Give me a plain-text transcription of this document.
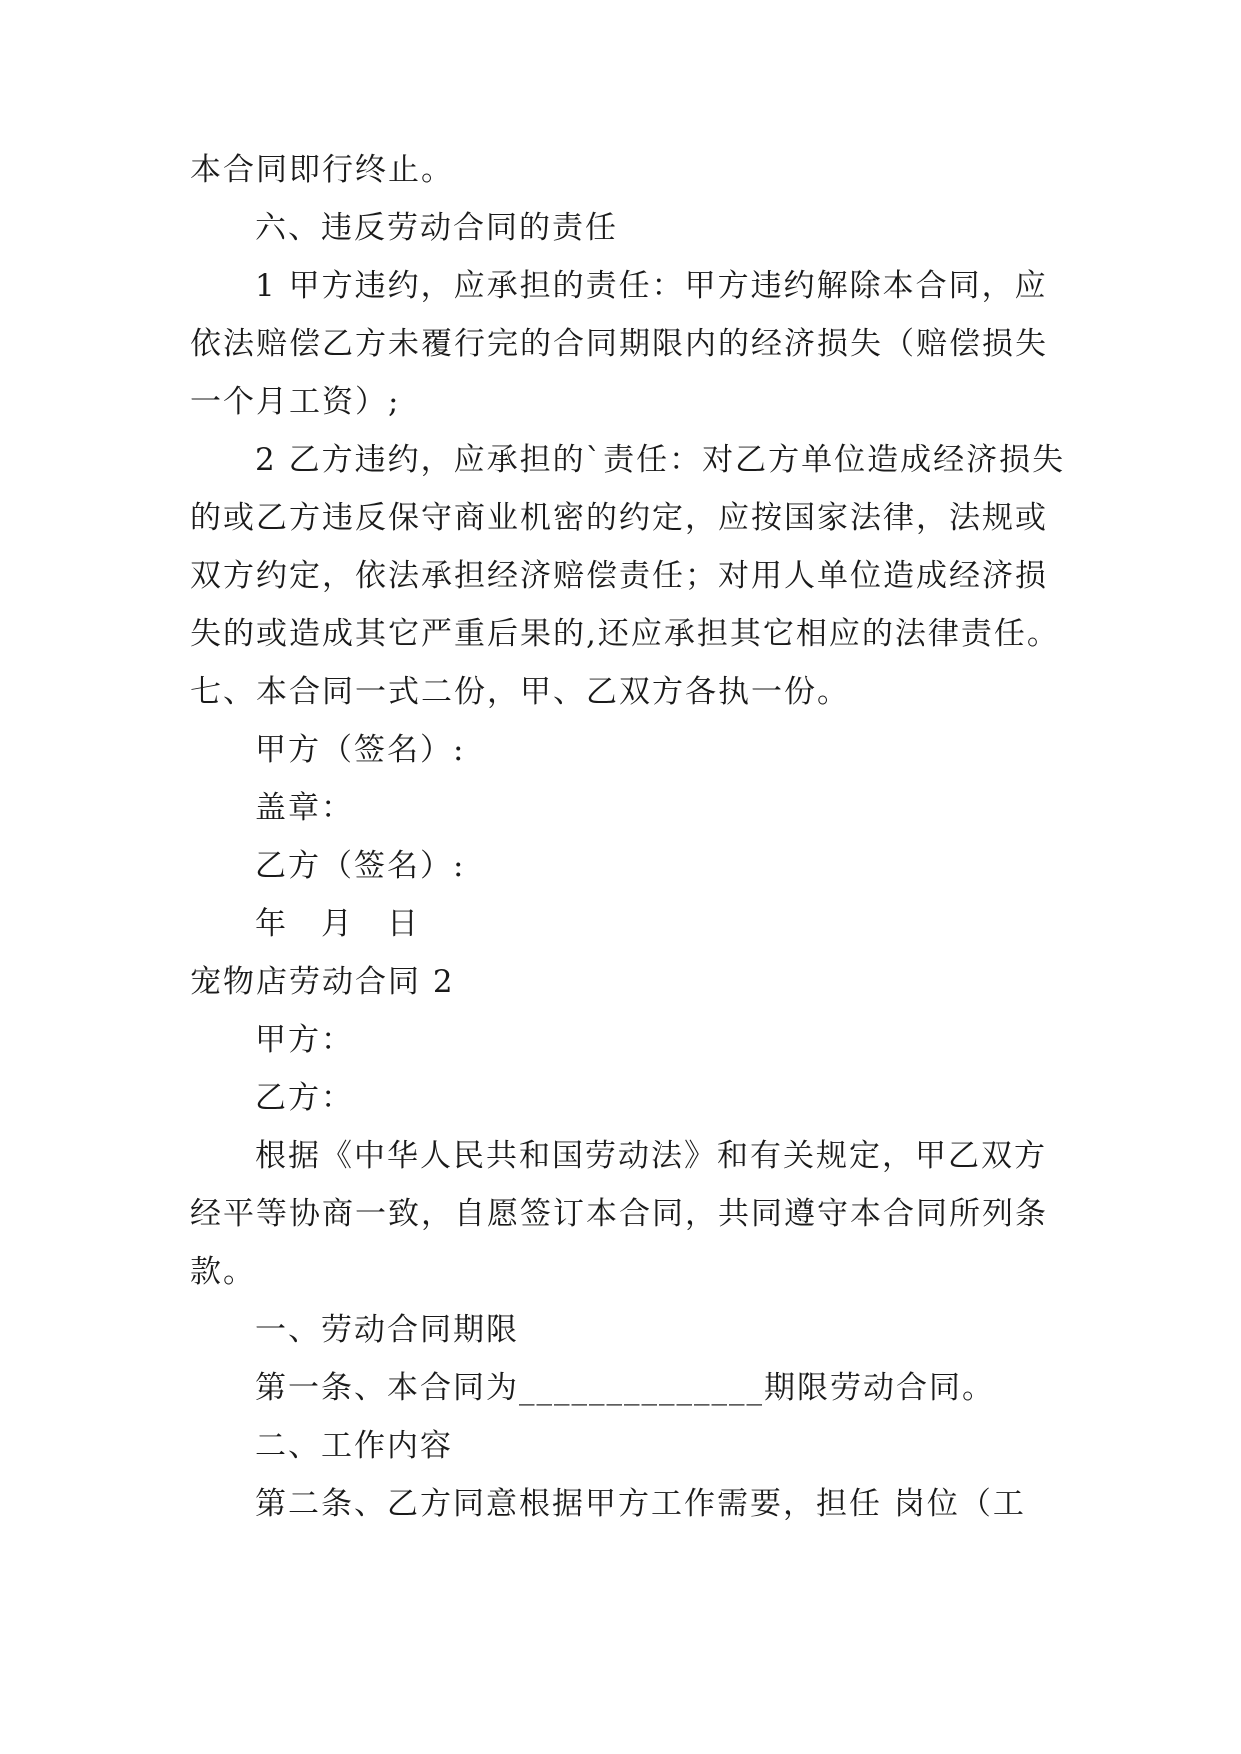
本合同即行终止。
六、违反劳动合同的责任
1 甲方违约，应承担的责任：甲方违约解除本合同，应
依法赔偿乙方未覆行完的合同期限内的经济损失（赔偿损失
一个月工资）;
2 乙方违约，应承担的`责任：对乙方单位造成经济损失
的或乙方违反保守商业机密的约定，应按国家法律，法规或
双方约定，依法承担经济赔偿责任；对用人单位造成经济损
失的或造成其它严重后果的,还应承担其它相应的法律责任。
七、本合同一式二份，甲、乙双方各执一份。
甲方（签名）:
盖章：
乙方（签名）:
年　月　日
宠物店劳动合同 2
甲方：
乙方：
根据《中华人民共和国劳动法》和有关规定，甲乙双方
经平等协商一致，自愿签订本合同，共同遵守本合同所列条
款。
一、劳动合同期限
第一条、本合同为______________期限劳动合同。
二、工作内容
第二条、乙方同意根据甲方工作需要，担任 岗位（工
